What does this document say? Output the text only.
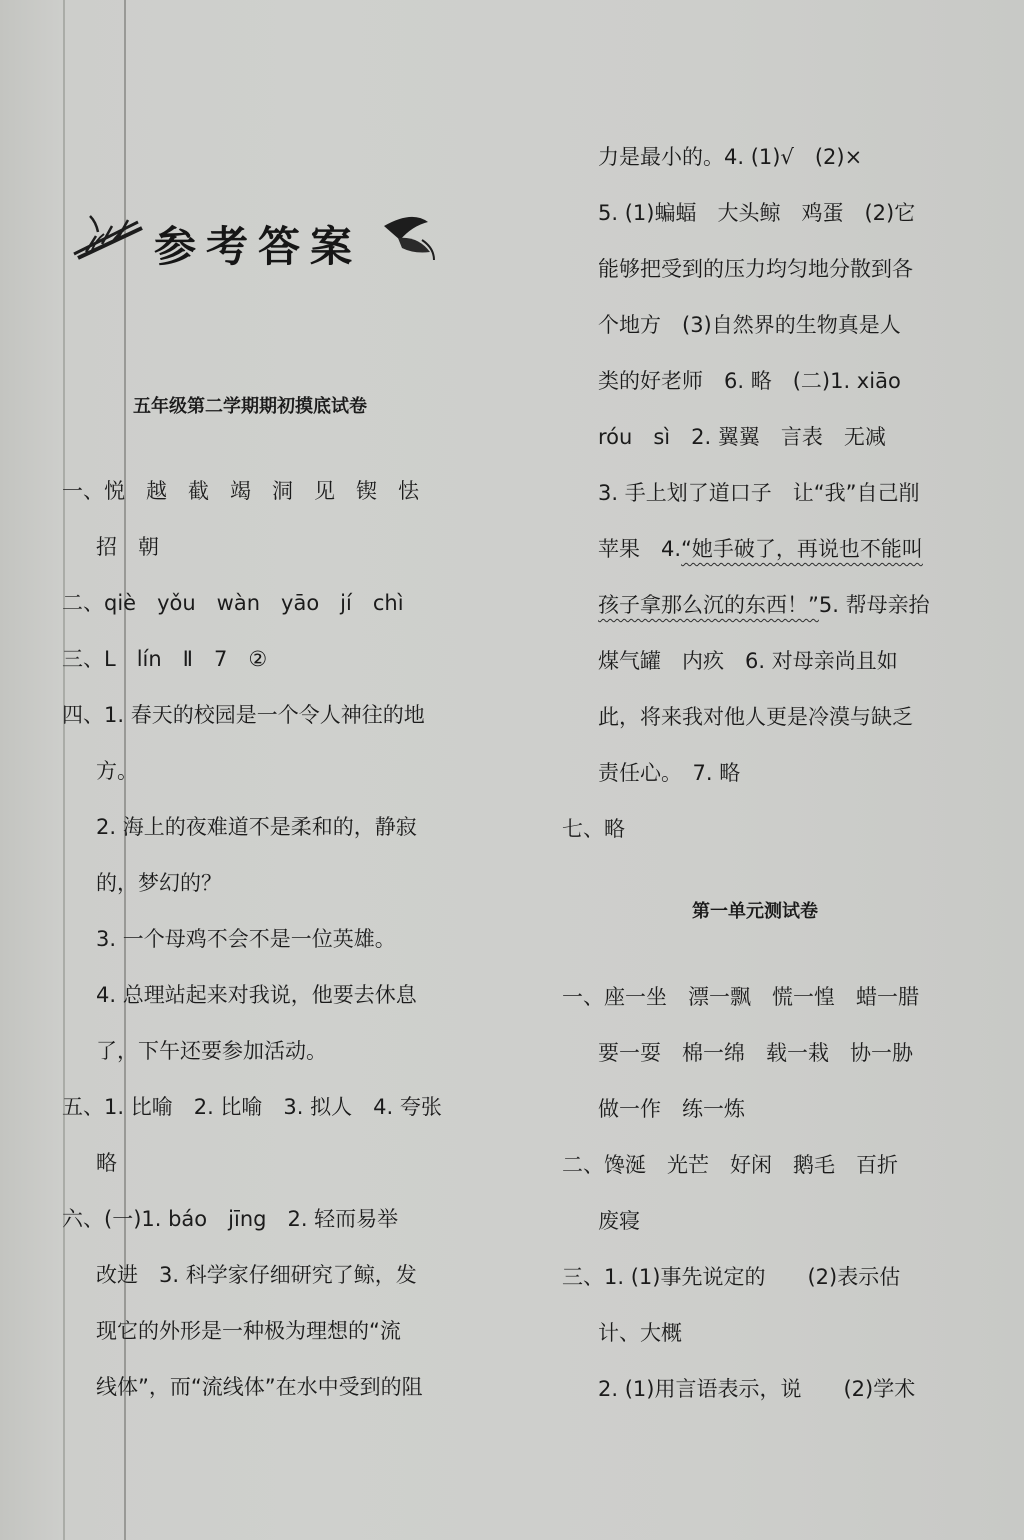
参考答案
五年级第二学期期初摸底试卷
一、悦　越　截　竭　洞　见　锲　怯
招　朝
二、qiè　yǒu　wàn　yāo　jí　chì
三、L　lín　Ⅱ　7　②
四、1. 春天的校园是一个令人神往的地
方。
2. 海上的夜难道不是柔和的，静寂
的，梦幻的？
3. 一个母鸡不会不是一位英雄。
4. 总理站起来对我说，他要去休息
了，下午还要参加活动。
五、1. 比喻　2. 比喻　3. 拟人　4. 夸张
略
六、(一)1. báo　jīng　2. 轻而易举
改进　3. 科学家仔细研究了鲸，发
现它的外形是一种极为理想的“流
线体”，而“流线体”在水中受到的阻
力是最小的。4. (1)√　(2)×
5. (1)蝙蝠　大头鲸　鸡蛋　(2)它
能够把受到的压力均匀地分散到各
个地方　(3)自然界的生物真是人
类的好老师　6. 略　(二)1. xiāo
róu　sì　2. 翼翼　言表　无减
3. 手上划了道口子　让“我”自己削
苹果　4.“她手破了，再说也不能叫
孩子拿那么沉的东西！”5. 帮母亲抬
煤气罐　内疚　6. 对母亲尚且如
此，将来我对他人更是冷漠与缺乏
责任心。　7. 略
七、略
第一单元测试卷
一、座一坐　漂一飘　慌一惶　蜡一腊
要一耍　棉一绵　载一栽　协一胁
做一作　练一炼
二、馋涎　光芒　好闲　鹅毛　百折
废寝
三、1. (1)事先说定的　　(2)表示估
计、大概
2. (1)用言语表示，说　　(2)学术
